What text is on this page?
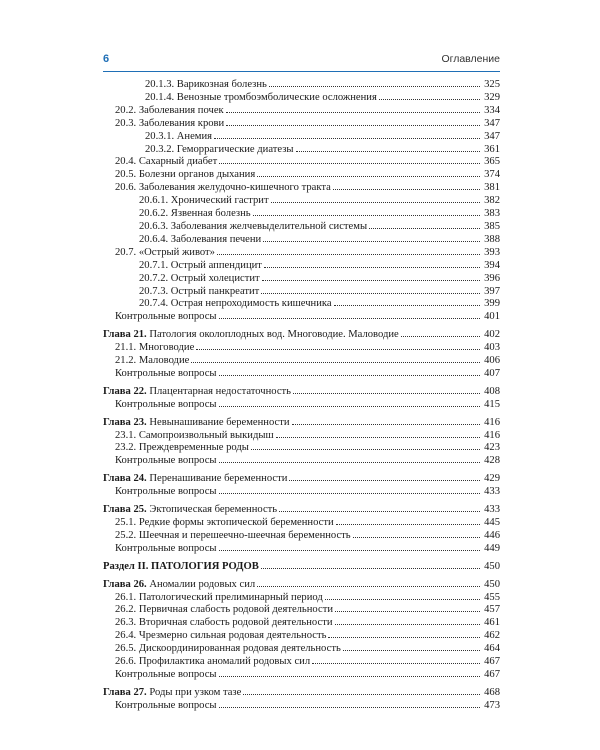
6	Оглавление
20.1.3. Варикозная болезнь	325
20.1.4. Венозные тромбоэмболические осложнения	329
20.2. Заболевания почек	334
20.3. Заболевания крови	347
20.3.1. Анемия	347
20.3.2. Геморрагические диатезы	361
20.4. Сахарный диабет	365
20.5. Болезни органов дыхания	374
20.6. Заболевания желудочно-кишечного тракта	381
20.6.1. Хронический гастрит	382
20.6.2. Язвенная болезнь	383
20.6.3. Заболевания желчевыделительной системы	385
20.6.4. Заболевания печени	388
20.7. «Острый живот»	393
20.7.1. Острый аппендицит	394
20.7.2. Острый холецистит	396
20.7.3. Острый панкреатит	397
20.7.4. Острая непроходимость кишечника	399
Контрольные вопросы	401
Глава 21. Патология околоплодных вод. Многоводие. Маловодие	402
21.1. Многоводие	403
21.2. Маловодие	406
Контрольные вопросы	407
Глава 22. Плацентарная недостаточность	408
Контрольные вопросы	415
Глава 23. Невынашивание беременности	416
23.1. Самопроизвольный выкидыш	416
23.2. Преждевременные роды	423
Контрольные вопросы	428
Глава 24. Перенашивание беременности	429
Контрольные вопросы	433
Глава 25. Эктопическая беременность	433
25.1. Редкие формы эктопической беременности	445
25.2. Шеечная и перешеечно-шеечная беременность	446
Контрольные вопросы	449
Раздел II. ПАТОЛОГИЯ РОДОВ	450
Глава 26. Аномалии родовых сил	450
26.1. Патологический прелиминарный период	455
26.2. Первичная слабость родовой деятельности	457
26.3. Вторичная слабость родовой деятельности	461
26.4. Чрезмерно сильная родовая деятельность	462
26.5. Дискоординированная родовая деятельность	464
26.6. Профилактика аномалий родовых сил	467
Контрольные вопросы	467
Глава 27. Роды при узком тазе	468
Контрольные вопросы	473
